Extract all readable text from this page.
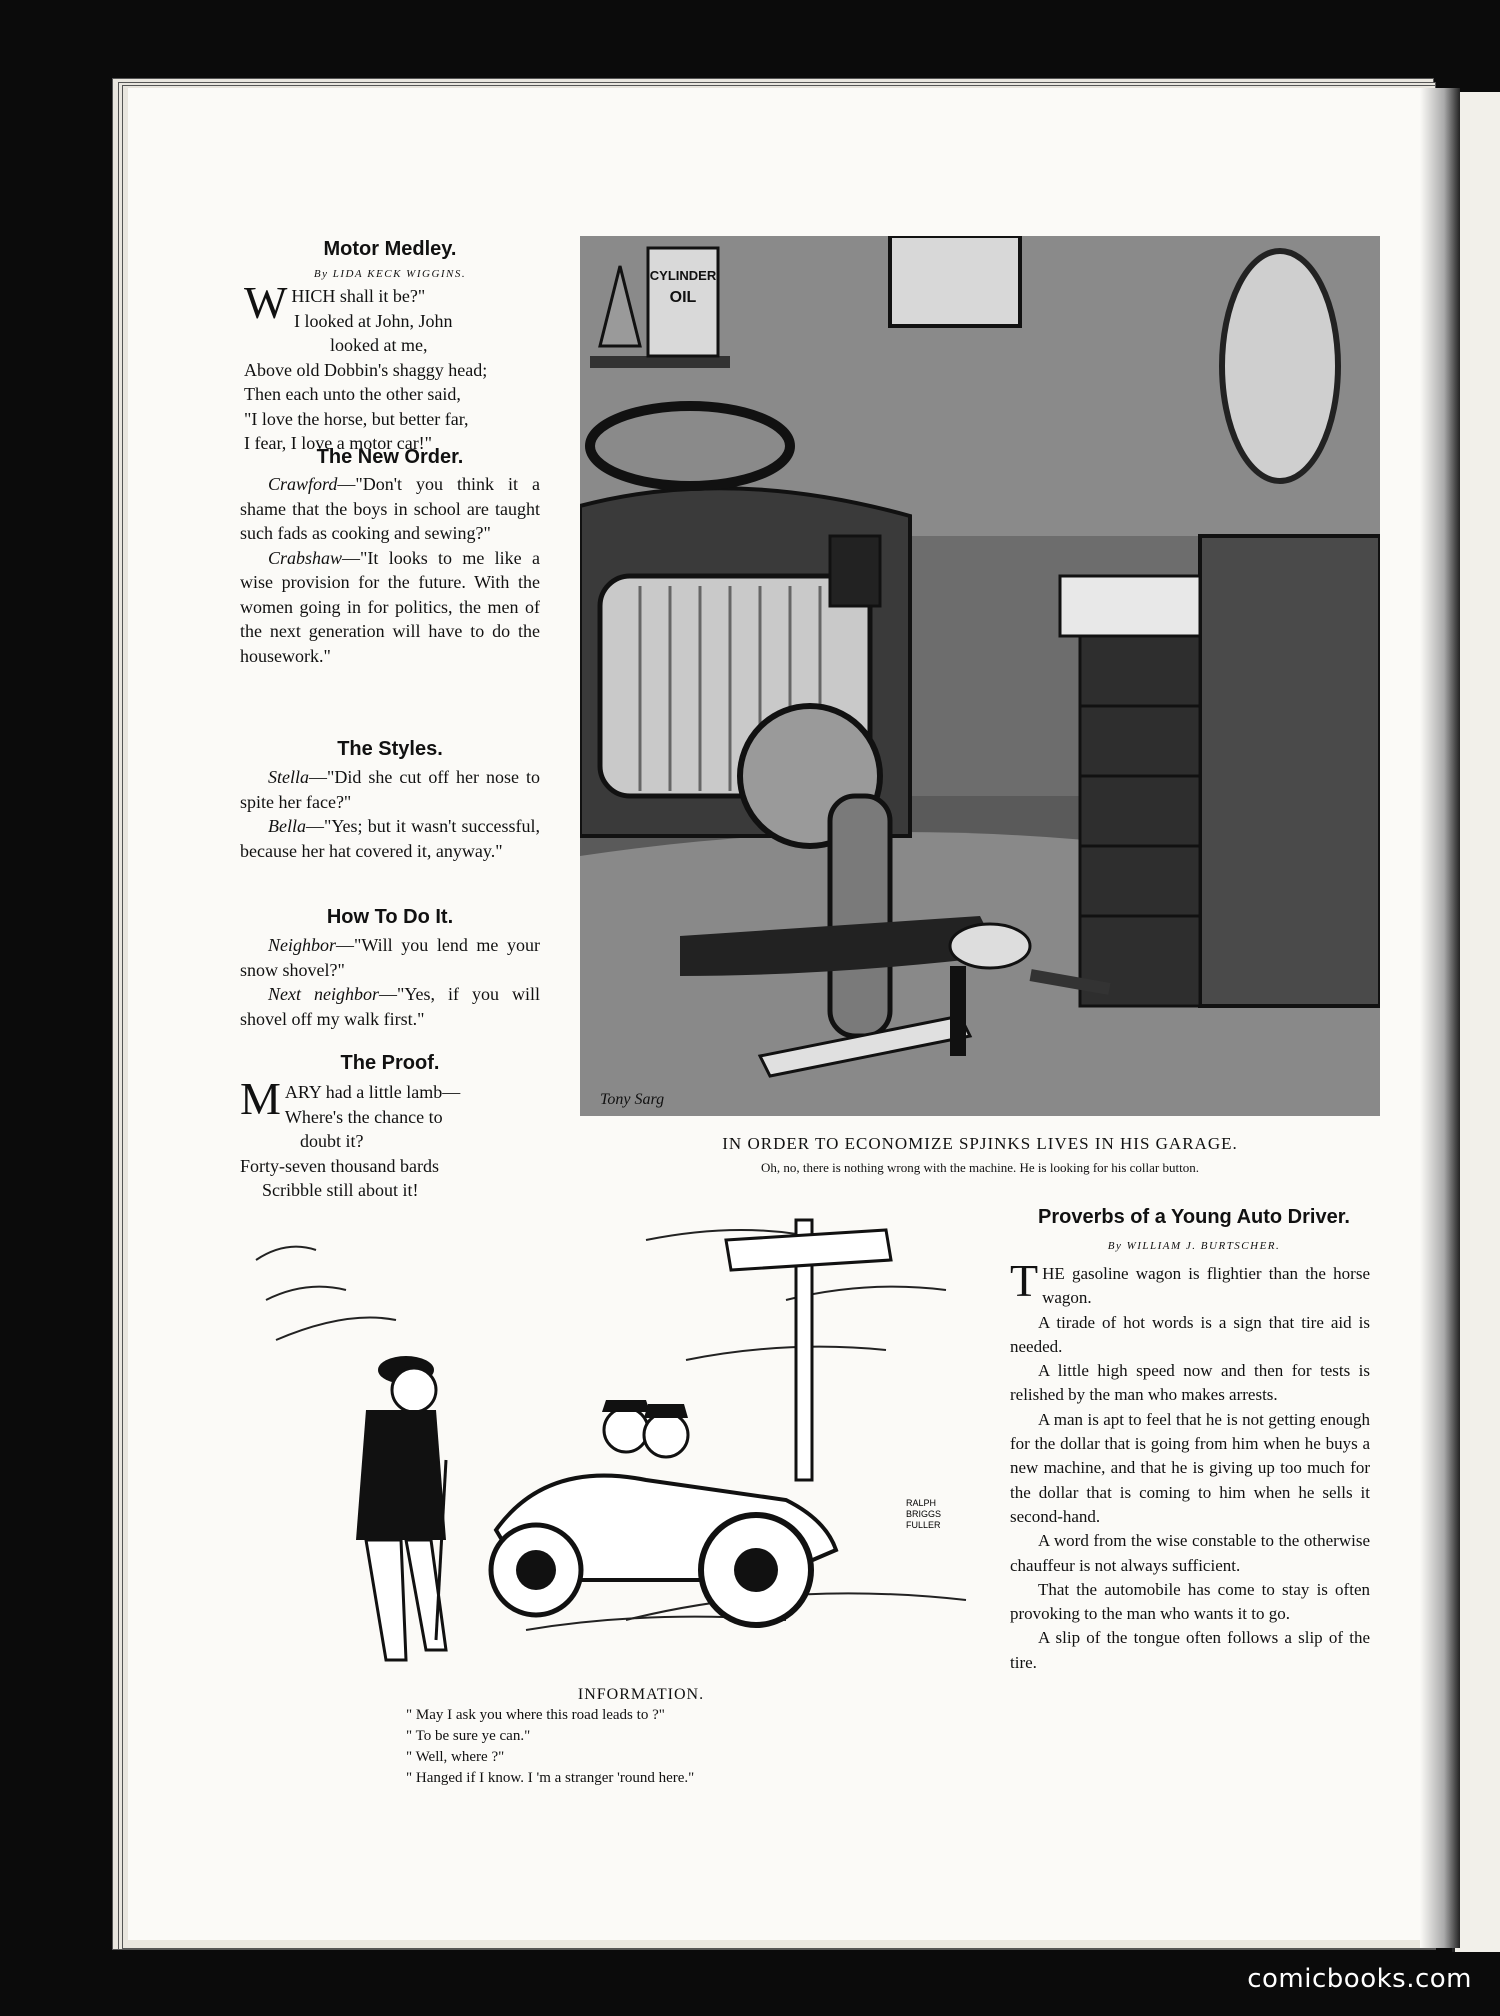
Motor Medley.
By LIDA KECK WIGGINS.
W HICH shall it be?"

I looked at John, John

looked at me,

Above old Dobbin's shaggy head;

Then each unto the other said,

"I love the horse, but better far,

I fear, I love a motor car!"

The New Order.

Crawford—"Don't you think it a shame that the boys in school are taught such fads as cooking and sewing?"

Crabshaw—"It looks to me like a wise provision for the future. With the women going in for politics, the men of the next generation will have to do the housework."

The Styles.

Stella—"Did she cut off her nose to spite her face?"

Bella—"Yes; but it wasn't successful, because her hat covered it, anyway."

How To Do It.

Neighbor—"Will you lend me your snow shovel?"

Next neighbor—"Yes, if you will shovel off my walk first."

The Proof.
M ARY had a little lamb—

Where's the chance to

doubt it?

Forty-seven thousand bards

Scribble still about it!

CYLINDER
OIL
Tony Sarg
IN ORDER TO ECONOMIZE SPJINKS LIVES IN HIS GARAGE.
Oh, no, there is nothing wrong with the machine. He is looking for his collar button.
RALPH
BRIGGS
FULLER
INFORMATION.
" May I ask you where this road leads to ?"
" To be sure ye can."
" Well, where ?"
" Hanged if I know. I 'm a stranger 'round here."
Proverbs of a Young Auto Driver.
By WILLIAM J. BURTSCHER.

THE gasoline wagon is flightier than the horse wagon.

A tirade of hot words is a sign that tire aid is needed.

A little high speed now and then for tests is relished by the man who makes arrests.

A man is apt to feel that he is not getting enough for the dollar that is going from him when he buys a new machine, and that he is giving up too much for the dollar that is coming to him when he sells it second-hand.

A word from the wise constable to the otherwise chauffeur is not always sufficient.

That the automobile has come to stay is often provoking to the man who wants it to go.

A slip of the tongue often follows a slip of the tire.

comicbooks.com
